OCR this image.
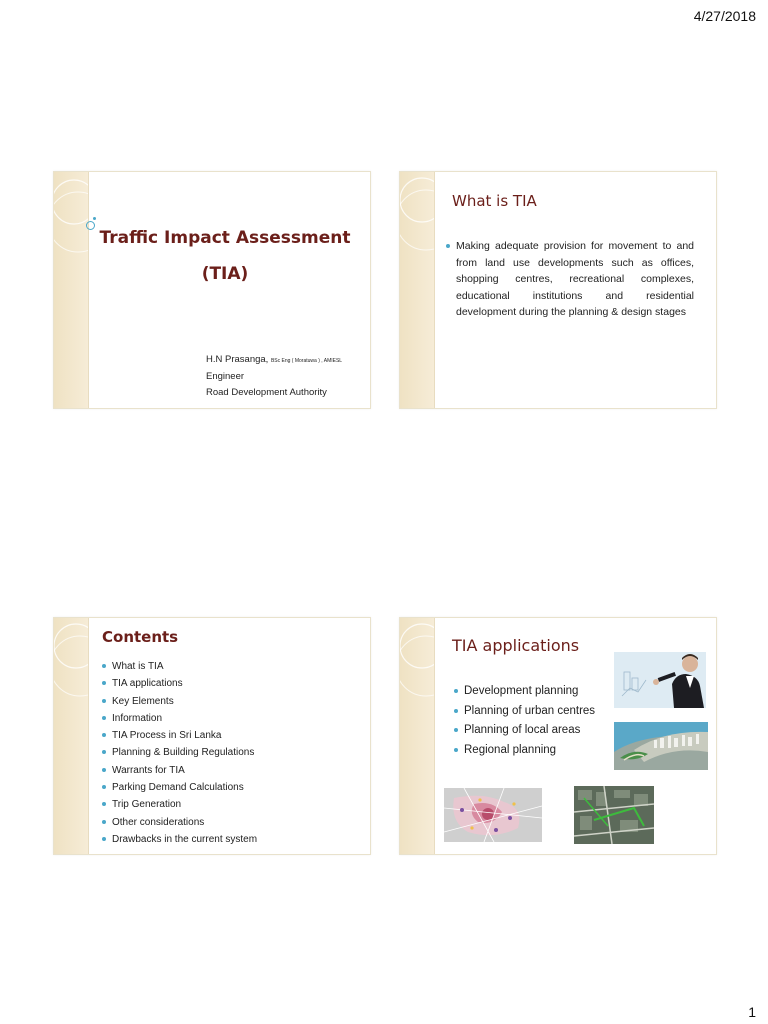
4/27/2018
Traffic Impact Assessment
(TIA)
H.N Prasanga, BSc Eng ( Moratuwa ) , AMIESL
Engineer
Road Development Authority
What is TIA
Making adequate provision for movement to and from land use developments such as offices, shopping centres, recreational complexes, educational institutions and residential development during the planning & design stages
Contents
What is TIA
TIA applications
Key Elements
Information
TIA Process in Sri Lanka
Planning & Building Regulations
Warrants for TIA
Parking Demand Calculations
Trip Generation
Other considerations
Drawbacks in the current system
TIA applications
Development planning
Planning of urban centres
Planning of local areas
Regional planning
1
